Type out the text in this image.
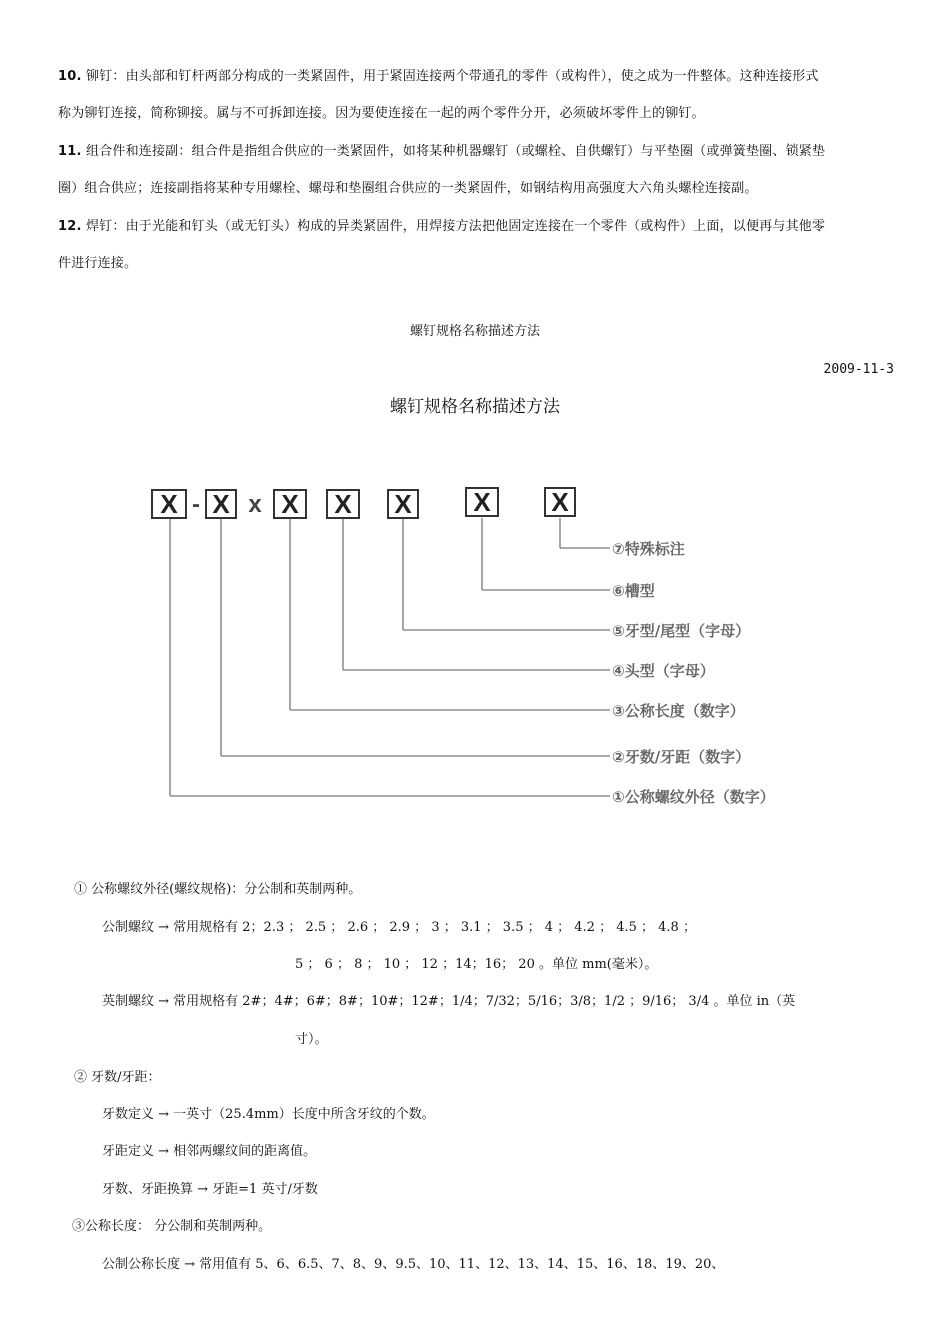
10. 铆钉：由头部和钉杆两部分构成的一类紧固件，用于紧固连接两个带通孔的零件（或构件），使之成为一件整体。这种连接形式
称为铆钉连接，简称铆接。属与不可拆卸连接。因为要使连接在一起的两个零件分开，必须破坏零件上的铆钉。
11. 组合件和连接副：组合件是指组合供应的一类紧固件，如将某种机器螺钉（或螺栓、自供螺钉）与平垫圈（或弹簧垫圈、锁紧垫
圈）组合供应；连接副指将某种专用螺栓、螺母和垫圈组合供应的一类紧固件，如钢结构用高强度大六角头螺栓连接副。
12. 焊钉：由于光能和钉头（或无钉头）构成的异类紧固件，用焊接方法把他固定连接在一个零件（或构件）上面，以便再与其他零
件进行连接。
螺钉规格名称描述方法
2009-11-3
螺钉规格名称描述方法
X X X X X X X
- x
⑦特殊标注
⑥槽型
⑤牙型/尾型（字母）
④头型（字母）
③公称长度（数字）
②牙数/牙距（数字）
①公称螺纹外径（数字）
① 公称螺纹外径(螺纹规格)：分公制和英制两种。
公制螺纹 → 常用规格有 2；2.3 ； 2.5 ； 2.6 ； 2.9 ； 3 ； 3.1 ； 3.5 ； 4 ； 4.2 ； 4.5 ； 4.8 ；
5 ； 6 ； 8 ； 10 ； 12 ；14；16； 20 。单位 mm(毫米）。
英制螺纹 → 常用规格有 2#；4#；6#；8#；10#；12#；1/4；7/32；5/16；3/8；1/2 ；9/16； 3/4 。单位 in（英
寸）。
② 牙数/牙距：
牙数定义 → 一英寸（25.4mm）长度中所含牙纹的个数。
牙距定义 → 相邻两螺纹间的距离值。
牙数、牙距换算 → 牙距=1 英寸/牙数
③公称长度： 分公制和英制两种。
公制公称长度 → 常用值有 5、6、6.5、7、8、9、9.5、10、11、12、13、14、15、16、18、19、20、
